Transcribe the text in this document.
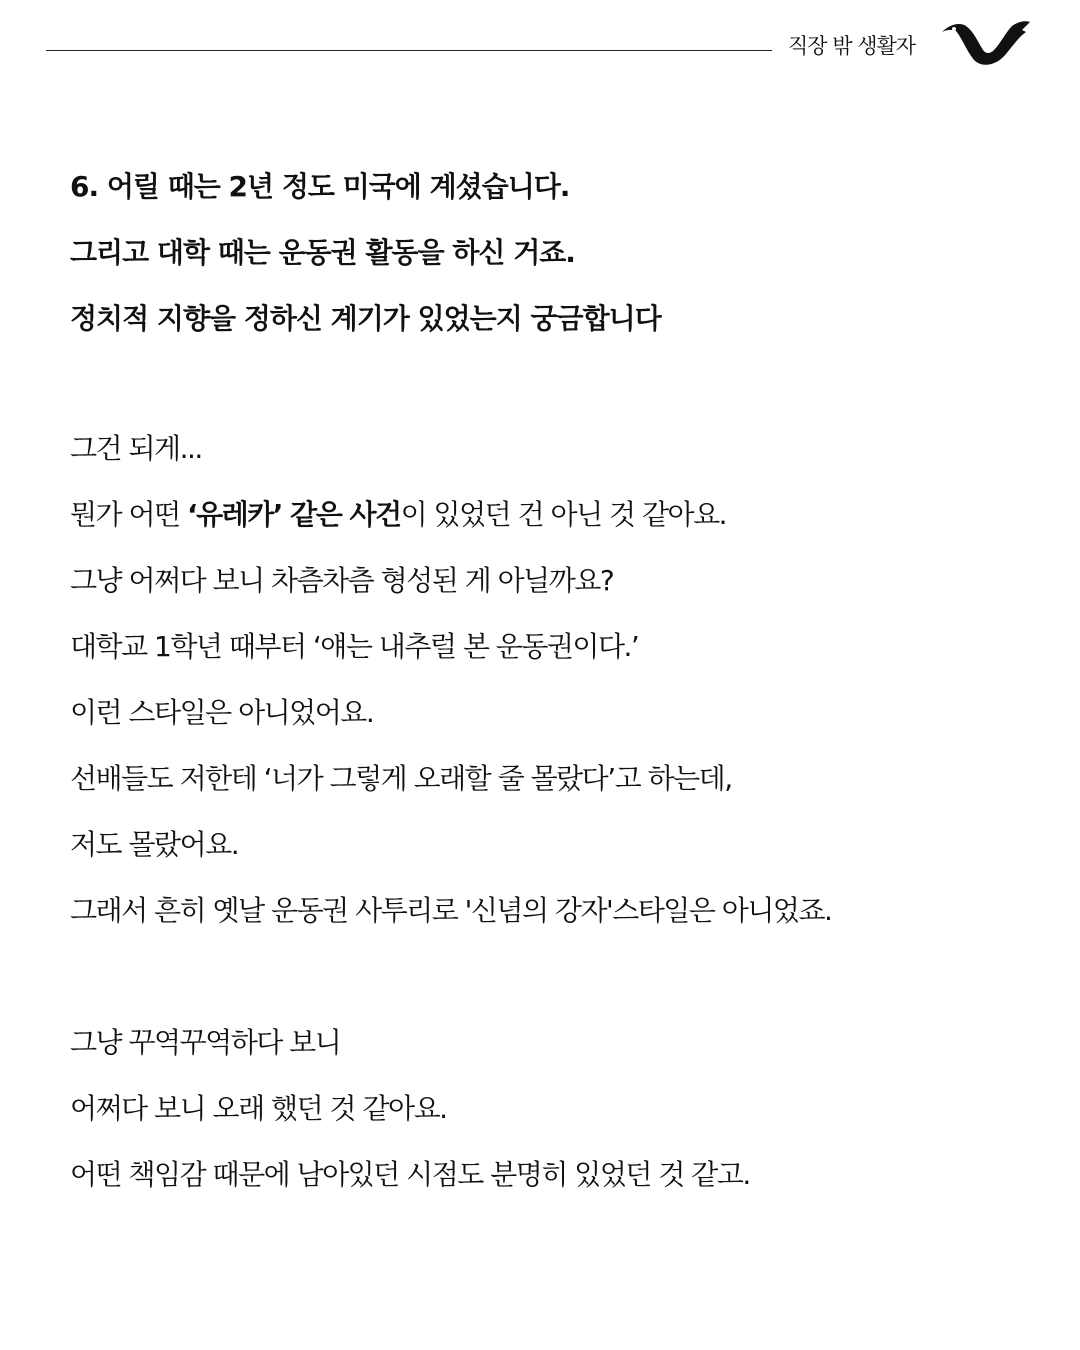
직장 밖 생활자
6. 어릴 때는 2년 정도 미국에 계셨습니다.
그리고 대학 때는 운동권 활동을 하신 거죠.
정치적 지향을 정하신 계기가 있었는지 궁금합니다
그건 되게...
뭔가 어떤 ‘유레카’ 같은 사건이 있었던 건 아닌 것 같아요.
그냥 어쩌다 보니 차츰차츰 형성된 게 아닐까요?
대학교 1학년 때부터 ‘얘는 내추럴 본 운동권이다.’
이런 스타일은 아니었어요.
선배들도 저한테 ‘너가 그렇게 오래할 줄 몰랐다’고 하는데,
저도 몰랐어요.
그래서 흔히 옛날 운동권 사투리로 '신념의 강자'스타일은 아니었죠.
그냥 꾸역꾸역하다 보니
어쩌다 보니 오래 했던 것 같아요.
어떤 책임감 때문에 남아있던 시점도 분명히 있었던 것 같고.
